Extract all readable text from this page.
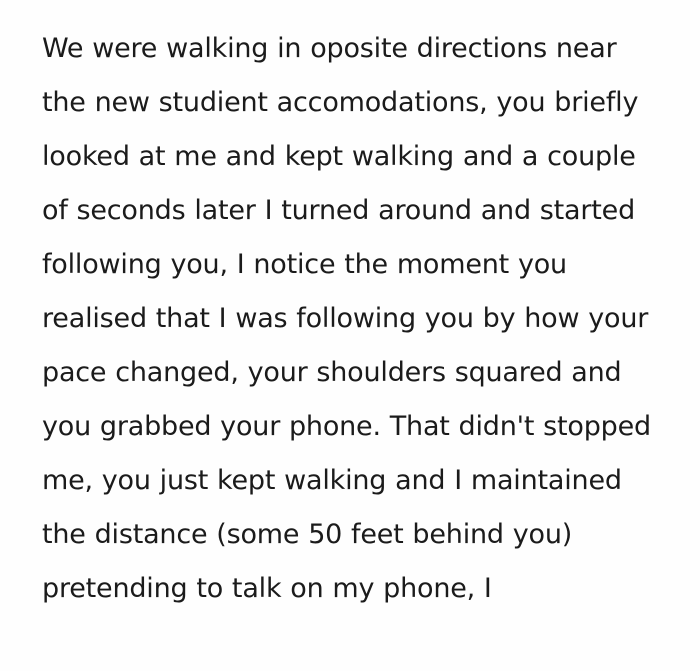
We were walking in oposite directions near the new studient accomodations, you briefly looked at me and kept walking and a couple of seconds later I turned around and started following you, I notice the moment you realised that I was following you by how your pace changed, your shoulders squared and you grabbed your phone. That didn't stopped me, you just kept walking and I maintained the distance (some 50 feet behind you) pretending to talk on my phone, I
